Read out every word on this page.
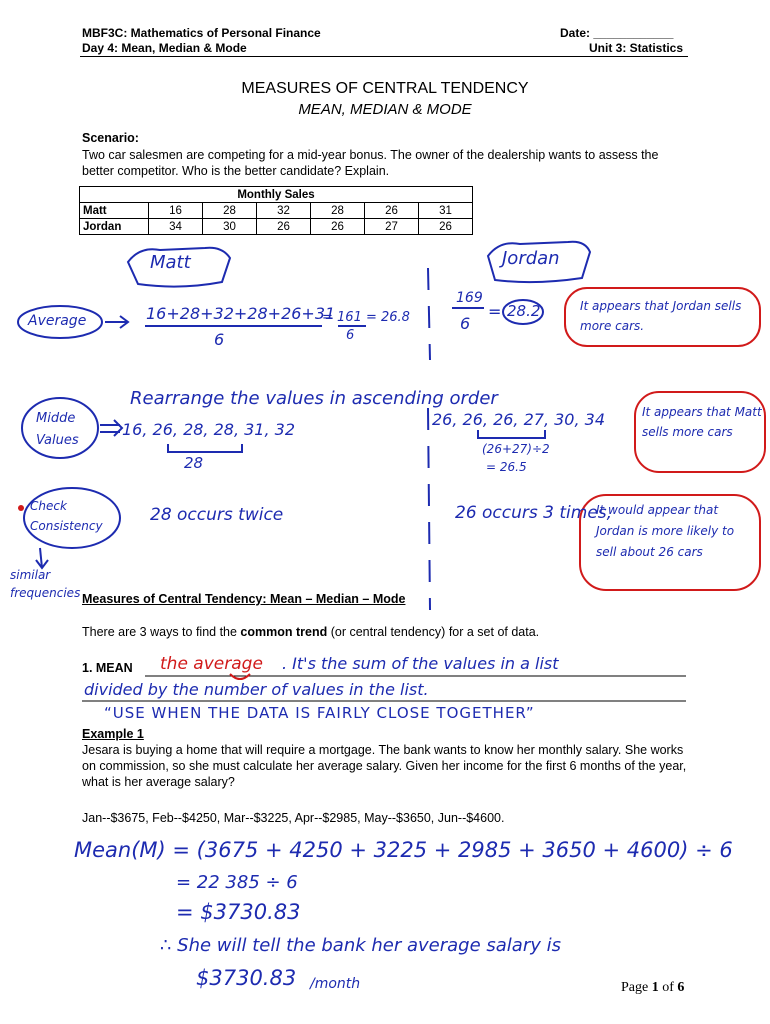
MBF3C: Mathematics of Personal Finance	Date: ____________
Day 4: Mean, Median & Mode	Unit 3: Statistics
MEASURES OF CENTRAL TENDENCY
MEAN, MEDIAN & MODE
Scenario:
Two car salesmen are competing for a mid-year bonus. The owner of the dealership wants to assess the better competitor. Who is the better candidate? Explain.
Monthly Sales						
Matt	16	28	32	28	26	31
Jordan	34	30	26	26	27	26
Matt	Jordan
Average	16+28+32+28+26+31
6
= 161 = 26.8
6
169
6
= 28.2	It appears that Jordan sells more cars.
Rearrange the values in ascending order
Midde Values
16, 26, 28, 28, 31, 32
28
26, 26, 26, 27, 30, 34
(26+27)÷2
= 26.5
It appears that Matt sells more cars
Check Consistency
similar frequencies
28 occurs twice	26 occurs 3 times,
It would appear that Jordan is more likely to sell about 26 cars
Measures of Central Tendency: Mean – Median – Mode
There are 3 ways to find the common trend (or central tendency) for a set of data.
1. MEAN the average . It's the sum of the values in a list
divided by the number of values in the list.
“USE WHEN THE DATA IS FAIRLY CLOSE TOGETHER”
Example 1
Jesara is buying a home that will require a mortgage. The bank wants to know her monthly salary. She works on commission, so she must calculate her average salary. Given her income for the first 6 months of the year, what is her average salary?
Jan--$3675, Feb--$4250, Mar--$3225, Apr--$2985, May--$3650, Jun--$4600.
Mean(M) = (3675 + 4250 + 3225 + 2985 + 3650 + 4600) ÷ 6
= 22 385 ÷ 6
= $3730.83
∴ She will tell the bank her average salary is
$3730.83 /month	Page 1 of 6
